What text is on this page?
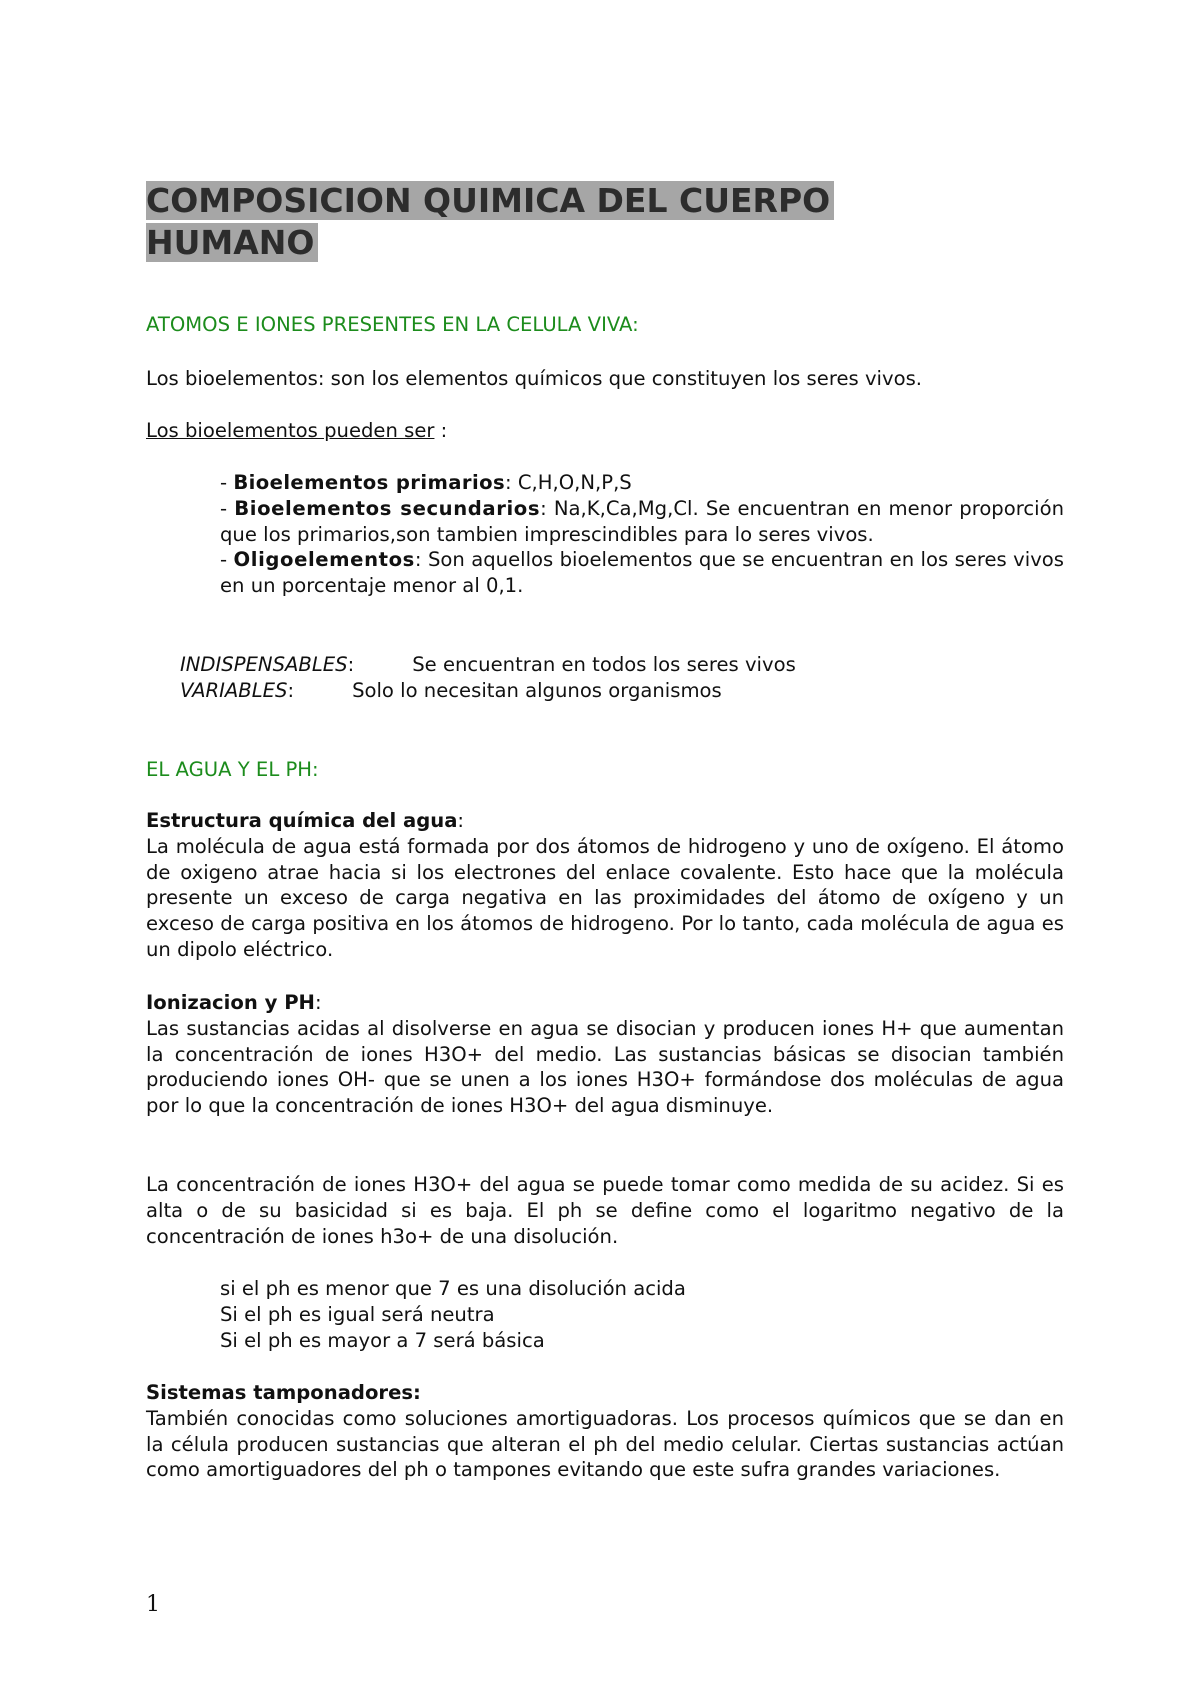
COMPOSICION QUIMICA DEL CUERPO
HUMANO

ATOMOS E IONES PRESENTES EN LA CELULA VIVA:

Los bioelementos: son los elementos químicos que constituyen los seres vivos.

Los bioelementos pueden ser :

- Bioelementos primarios: C,H,O,N,P,S

- Bioelementos secundarios: Na,K,Ca,Mg,Cl. Se encuentran en menor proporción que los primarios,son tambien imprescindibles para lo seres vivos.

- Oligoelementos: Son aquellos bioelementos que se encuentran en los seres vivos en un porcentaje menor al 0,1.

INDISPENSABLES:	Se encuentran en todos los seres vivos

VARIABLES:	Solo lo necesitan algunos organismos

EL AGUA Y EL PH:

Estructura química del agua:

La molécula de agua está formada por dos átomos de hidrogeno y uno de oxígeno. El átomo de oxigeno atrae hacia si los electrones del enlace covalente. Esto hace que la molécula presente un exceso de carga negativa en las proximidades del átomo de oxígeno y un exceso de carga positiva en los átomos de hidrogeno. Por lo tanto, cada molécula de agua es un dipolo eléctrico.

Ionizacion y PH:

Las sustancias acidas al disolverse en agua se disocian y producen iones H+ que aumentan la concentración de iones H3O+ del medio. Las sustancias básicas se disocian también produciendo iones OH- que se unen a los iones H3O+ formándose dos moléculas de agua por lo que la concentración de iones H3O+ del agua disminuye.

La concentración de iones H3O+ del agua se puede tomar como medida de su acidez. Si es alta o de su basicidad si es baja. El ph se define como el logaritmo negativo de la concentración de iones h3o+ de una disolución.

si el ph es menor que 7 es una disolución acida

Si el ph es igual será neutra

Si el ph es mayor a 7 será básica

Sistemas tamponadores:

También conocidas como soluciones amortiguadoras. Los procesos químicos que se dan en la célula producen sustancias que alteran el ph del medio celular. Ciertas sustancias actúan como amortiguadores del ph o tampones evitando que este sufra grandes variaciones.

1
